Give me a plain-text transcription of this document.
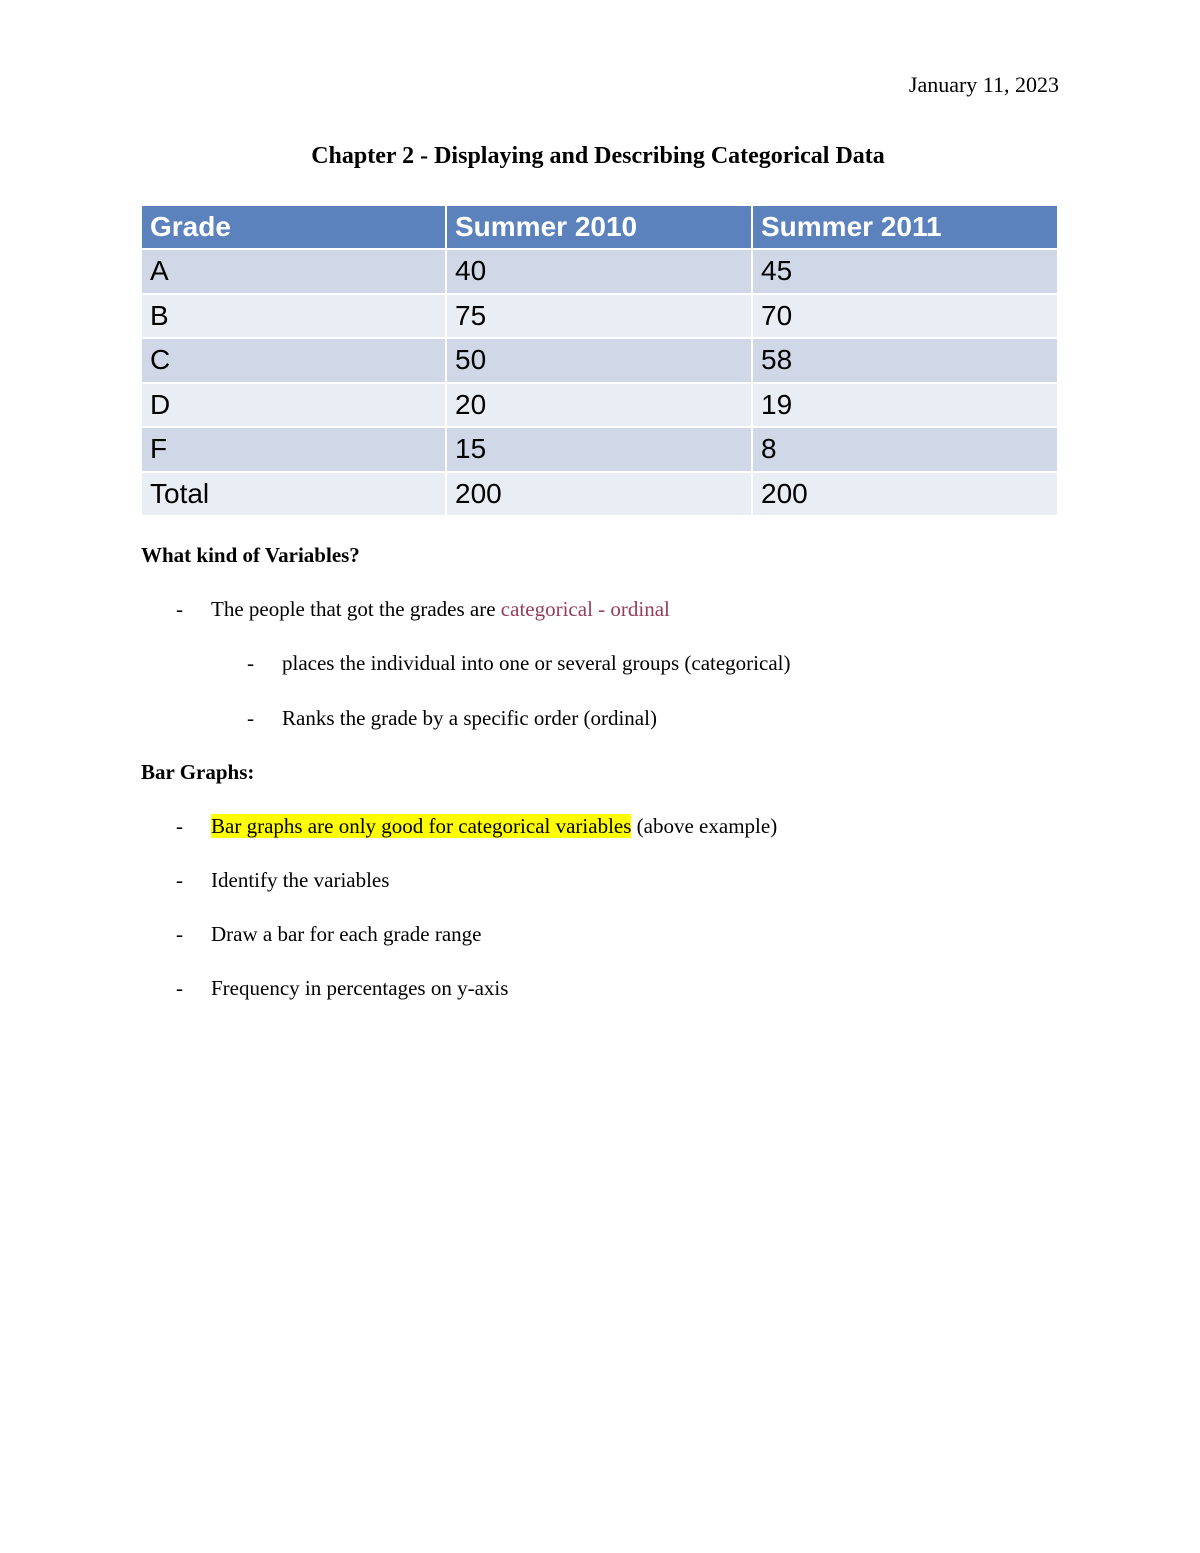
January 11, 2023
Chapter 2 - Displaying and Describing Categorical Data
Grade	Summer 2010	Summer 2011
A	40	45
B	75	70
C	50	58
D	20	19
F	15	8
Total	200	200
What kind of Variables?
- The people that got the grades are categorical - ordinal
- places the individual into one or several groups (categorical)
- Ranks the grade by a specific order (ordinal)
Bar Graphs:
- Bar graphs are only good for categorical variables (above example)
- Identify the variables
- Draw a bar for each grade range
- Frequency in percentages on y-axis
